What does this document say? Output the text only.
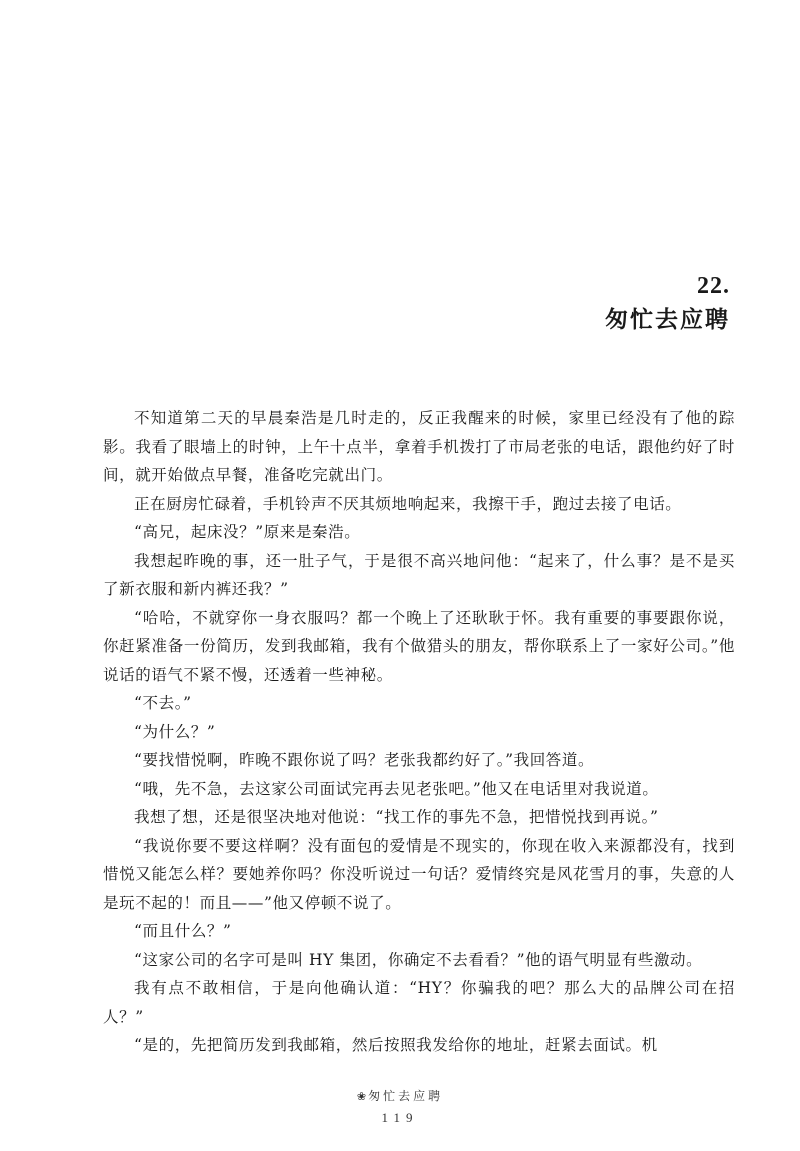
22.
匆忙去应聘

不知道第二天的早晨秦浩是几时走的，反正我醒来的时候，家里已经没有了他的踪影。我看了眼墙上的时钟，上午十点半，拿着手机拨打了市局老张的电话，跟他约好了时间，就开始做点早餐，准备吃完就出门。

正在厨房忙碌着，手机铃声不厌其烦地响起来，我擦干手，跑过去接了电话。

“高兄，起床没？”原来是秦浩。

我想起昨晚的事，还一肚子气，于是很不高兴地问他：“起来了，什么事？是不是买了新衣服和新内裤还我？”

“哈哈，不就穿你一身衣服吗？都一个晚上了还耿耿于怀。我有重要的事要跟你说，你赶紧准备一份简历，发到我邮箱，我有个做猎头的朋友，帮你联系上了一家好公司。”他说话的语气不紧不慢，还透着一些神秘。

“不去。”

“为什么？”

“要找惜悦啊，昨晚不跟你说了吗？老张我都约好了。”我回答道。

“哦，先不急，去这家公司面试完再去见老张吧。”他又在电话里对我说道。

我想了想，还是很坚决地对他说：“找工作的事先不急，把惜悦找到再说。”

“我说你要不要这样啊？没有面包的爱情是不现实的，你现在收入来源都没有，找到惜悦又能怎么样？要她养你吗？你没听说过一句话？爱情终究是风花雪月的事，失意的人是玩不起的！而且——”他又停顿不说了。

“而且什么？”

“这家公司的名字可是叫 HY 集团，你确定不去看看？”他的语气明显有些激动。

我有点不敢相信，于是向他确认道：“HY？你骗我的吧？那么大的品牌公司在招人？”

“是的，先把简历发到我邮箱，然后按照我发给你的地址，赶紧去面试。机

❀ 匆忙去应聘
119
